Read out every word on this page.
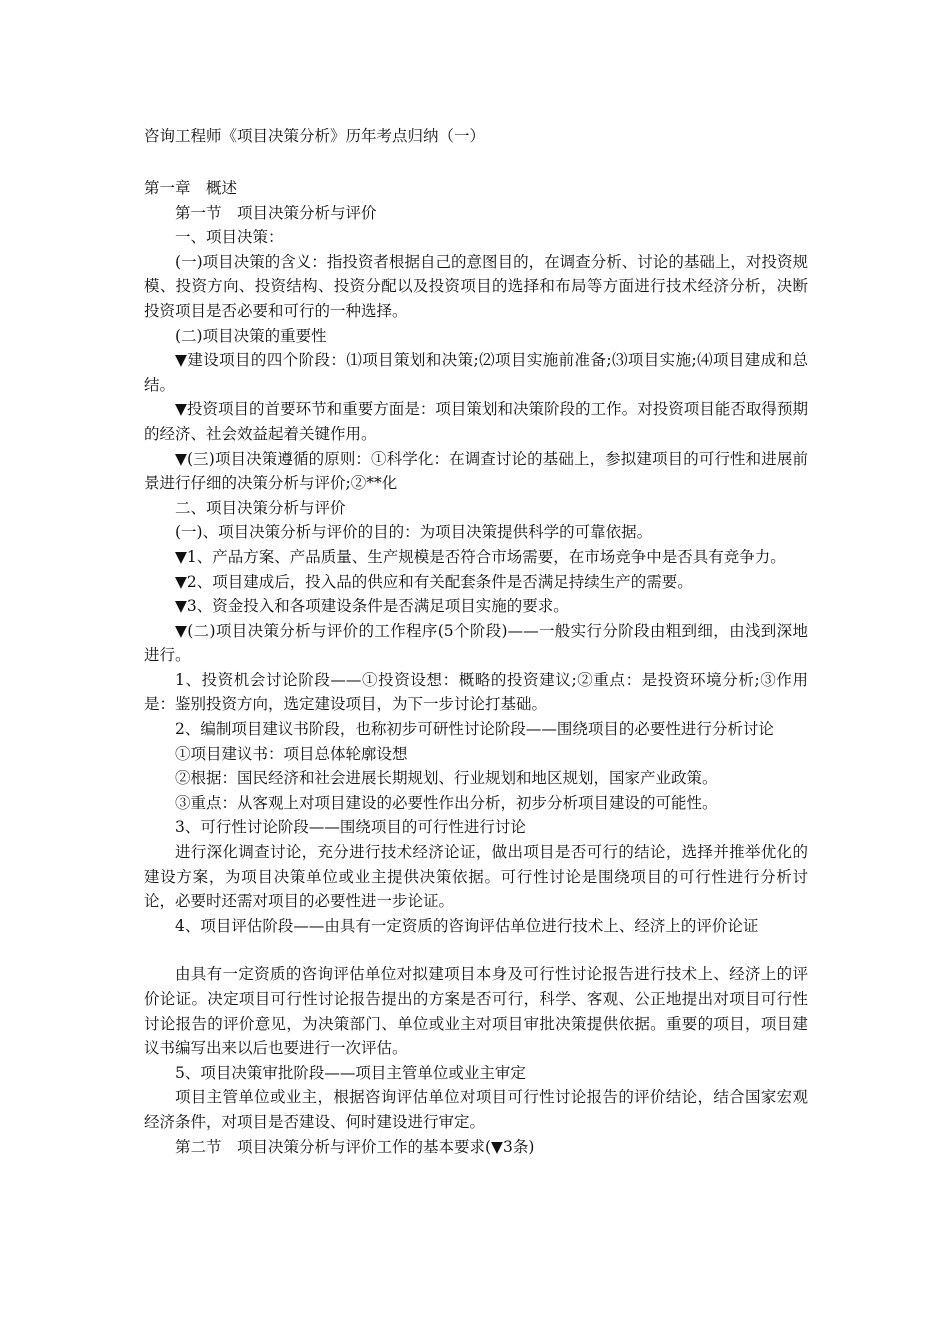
咨询工程师《项目决策分析》历年考点归纳（一）

第一章　概述

第一节　项目决策分析与评价

一、项目决策：

(一)项目决策的含义：指投资者根据自己的意图目的，在调查分析、讨论的基础上，对投资规模、投资方向、投资结构、投资分配以及投资项目的选择和布局等方面进行技术经济分析，决断投资项目是否必要和可行的一种选择。

(二)项目决策的重要性

▼建设项目的四个阶段：⑴项目策划和决策;⑵项目实施前准备;⑶项目实施;⑷项目建成和总结。

▼投资项目的首要环节和重要方面是：项目策划和决策阶段的工作。对投资项目能否取得预期的经济、社会效益起着关键作用。

▼(三)项目决策遵循的原则：①科学化：在调查讨论的基础上，参拟建项目的可行性和进展前景进行仔细的决策分析与评价;②**化

二、项目决策分析与评价

(一)、项目决策分析与评价的目的：为项目决策提供科学的可靠依据。

▼1、产品方案、产品质量、生产规模是否符合市场需要，在市场竞争中是否具有竞争力。

▼2、项目建成后，投入品的供应和有关配套条件是否满足持续生产的需要。

▼3、资金投入和各项建设条件是否满足项目实施的要求。

▼(二)项目决策分析与评价的工作程序(5个阶段)——一般实行分阶段由粗到细，由浅到深地进行。

1、投资机会讨论阶段——①投资设想：概略的投资建议;②重点：是投资环境分析;③作用是：鉴别投资方向，选定建设项目，为下一步讨论打基础。

2、编制项目建议书阶段，也称初步可研性讨论阶段——围绕项目的必要性进行分析讨论

①项目建议书：项目总体轮廓设想

②根据：国民经济和社会进展长期规划、行业规划和地区规划，国家产业政策。

③重点：从客观上对项目建设的必要性作出分析，初步分析项目建设的可能性。

3、可行性讨论阶段——围绕项目的可行性进行讨论

进行深化调查讨论，充分进行技术经济论证，做出项目是否可行的结论，选择并推举优化的建设方案，为项目决策单位或业主提供决策依据。可行性讨论是围绕项目的可行性进行分析讨论，必要时还需对项目的必要性进一步论证。

4、项目评估阶段——由具有一定资质的咨询评估单位进行技术上、经济上的评价论证

由具有一定资质的咨询评估单位对拟建项目本身及可行性讨论报告进行技术上、经济上的评价论证。决定项目可行性讨论报告提出的方案是否可行，科学、客观、公正地提出对项目可行性讨论报告的评价意见，为决策部门、单位或业主对项目审批决策提供依据。重要的项目，项目建议书编写出来以后也要进行一次评估。

5、项目决策审批阶段——项目主管单位或业主审定

项目主管单位或业主，根据咨询评估单位对项目可行性讨论报告的评价结论，结合国家宏观经济条件，对项目是否建设、何时建设进行审定。

第二节　项目决策分析与评价工作的基本要求(▼3条)
